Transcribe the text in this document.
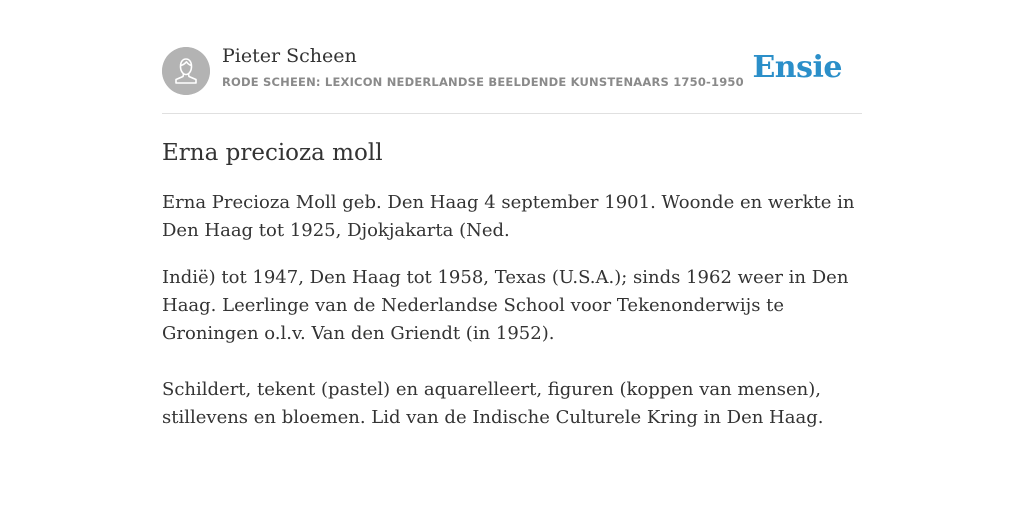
Pieter Scheen
RODE SCHEEN: LEXICON NEDERLANDSE BEELDENDE KUNSTENAARS 1750-1950 Ensie
Erna precioza moll

Erna Precioza Moll geb. Den Haag 4 september 1901. Woonde en werkte in Den Haag tot 1925, Djokjakarta (Ned.

Indië) tot 1947, Den Haag tot 1958, Texas (U.S.A.); sinds 1962 weer in Den Haag. Leerlinge van de Nederlandse School voor Tekenonderwijs te Groningen o.l.v. Van den Griendt (in 1952).

Schildert, tekent (pastel) en aquarelleert, figuren (koppen van mensen), stillevens en bloemen. Lid van de Indische Culturele Kring in Den Haag.
